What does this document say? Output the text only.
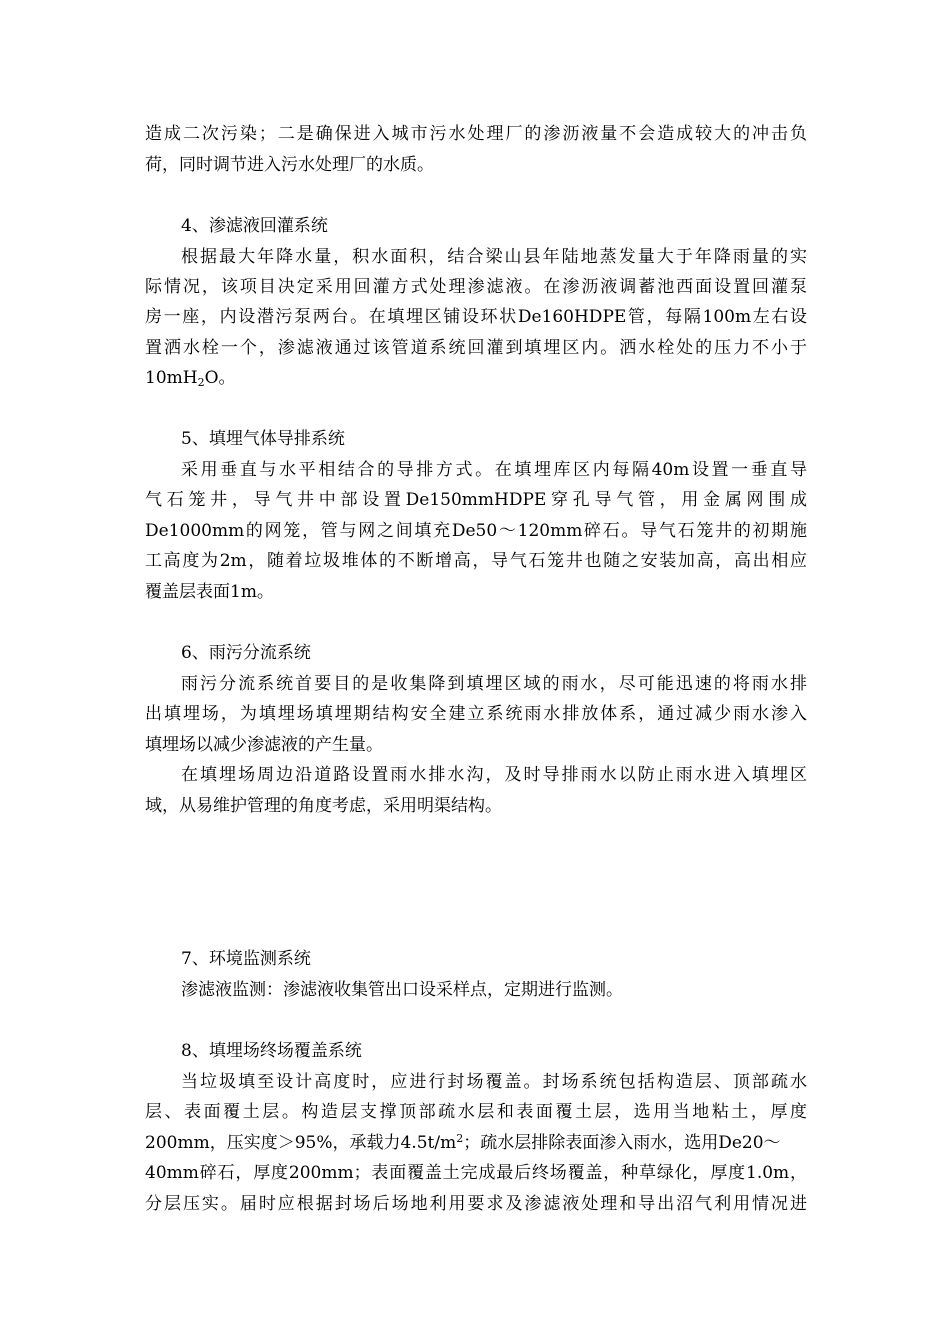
造成二次污染；二是确保进入城市污水处理厂的渗沥液量不会造成较大的冲击负

荷，同时调节进入污水处理厂的水质。

4、渗滤液回灌系统

根据最大年降水量，积水面积，结合梁山县年陆地蒸发量大于年降雨量的实

际情况，该项目决定采用回灌方式处理渗滤液。在渗沥液调蓄池西面设置回灌泵

房一座，内设潜污泵两台。在填埋区铺设环状De160HDPE管，每隔100m左右设

置洒水栓一个，渗滤液通过该管道系统回灌到填埋区内。洒水栓处的压力不小于

$10mH_2O$。

5、填埋气体导排系统

采用垂直与水平相结合的导排方式。在填埋库区内每隔40m设置一垂直导

气石笼井，导气井中部设置De150mmHDPE穿孔导气管，用金属网围成

De1000mm的网笼，管与网之间填充De50～120mm碎石。导气石笼井的初期施

工高度为2m，随着垃圾堆体的不断增高，导气石笼井也随之安装加高，高出相应

覆盖层表面1m。

6、雨污分流系统

雨污分流系统首要目的是收集降到填埋区域的雨水，尽可能迅速的将雨水排

出填埋场，为填埋场填埋期结构安全建立系统雨水排放体系，通过减少雨水渗入

填埋场以减少渗滤液的产生量。

在填埋场周边沿道路设置雨水排水沟，及时导排雨水以防止雨水进入填埋区

域，从易维护管理的角度考虑，采用明渠结构。

7、环境监测系统

渗滤液监测：渗滤液收集管出口设采样点，定期进行监测。

8、填埋场终场覆盖系统

当垃圾填至设计高度时，应进行封场覆盖。封场系统包括构造层、顶部疏水

层、表面覆土层。构造层支撑顶部疏水层和表面覆土层，选用当地粘土，厚度

200mm，压实度＞95%，承载力$4.5t/m^2$；疏水层排除表面渗入雨水，选用De20～

40mm碎石，厚度200mm；表面覆盖土完成最后终场覆盖，种草绿化，厚度1.0m，

分层压实。届时应根据封场后场地利用要求及渗滤液处理和导出沼气利用情况进
